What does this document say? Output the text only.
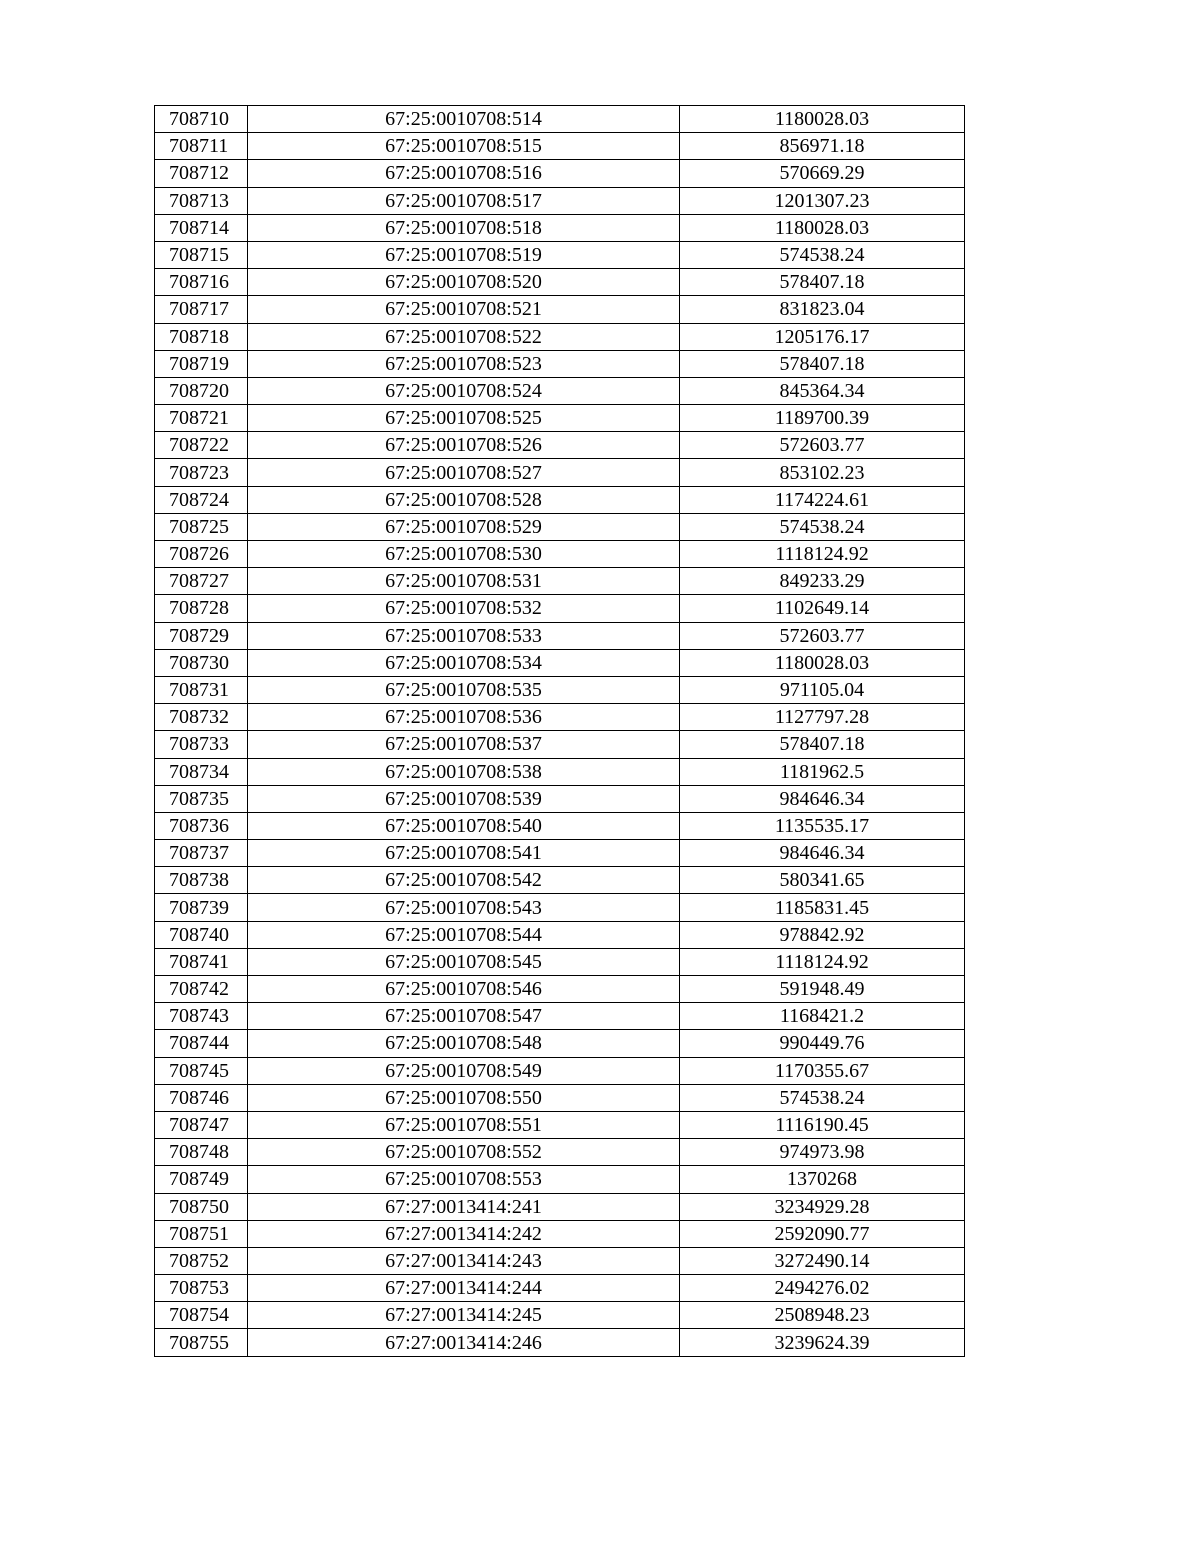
708710	67:25:0010708:514	1180028.03
708711	67:25:0010708:515	856971.18
708712	67:25:0010708:516	570669.29
708713	67:25:0010708:517	1201307.23
708714	67:25:0010708:518	1180028.03
708715	67:25:0010708:519	574538.24
708716	67:25:0010708:520	578407.18
708717	67:25:0010708:521	831823.04
708718	67:25:0010708:522	1205176.17
708719	67:25:0010708:523	578407.18
708720	67:25:0010708:524	845364.34
708721	67:25:0010708:525	1189700.39
708722	67:25:0010708:526	572603.77
708723	67:25:0010708:527	853102.23
708724	67:25:0010708:528	1174224.61
708725	67:25:0010708:529	574538.24
708726	67:25:0010708:530	1118124.92
708727	67:25:0010708:531	849233.29
708728	67:25:0010708:532	1102649.14
708729	67:25:0010708:533	572603.77
708730	67:25:0010708:534	1180028.03
708731	67:25:0010708:535	971105.04
708732	67:25:0010708:536	1127797.28
708733	67:25:0010708:537	578407.18
708734	67:25:0010708:538	1181962.5
708735	67:25:0010708:539	984646.34
708736	67:25:0010708:540	1135535.17
708737	67:25:0010708:541	984646.34
708738	67:25:0010708:542	580341.65
708739	67:25:0010708:543	1185831.45
708740	67:25:0010708:544	978842.92
708741	67:25:0010708:545	1118124.92
708742	67:25:0010708:546	591948.49
708743	67:25:0010708:547	1168421.2
708744	67:25:0010708:548	990449.76
708745	67:25:0010708:549	1170355.67
708746	67:25:0010708:550	574538.24
708747	67:25:0010708:551	1116190.45
708748	67:25:0010708:552	974973.98
708749	67:25:0010708:553	1370268
708750	67:27:0013414:241	3234929.28
708751	67:27:0013414:242	2592090.77
708752	67:27:0013414:243	3272490.14
708753	67:27:0013414:244	2494276.02
708754	67:27:0013414:245	2508948.23
708755	67:27:0013414:246	3239624.39
